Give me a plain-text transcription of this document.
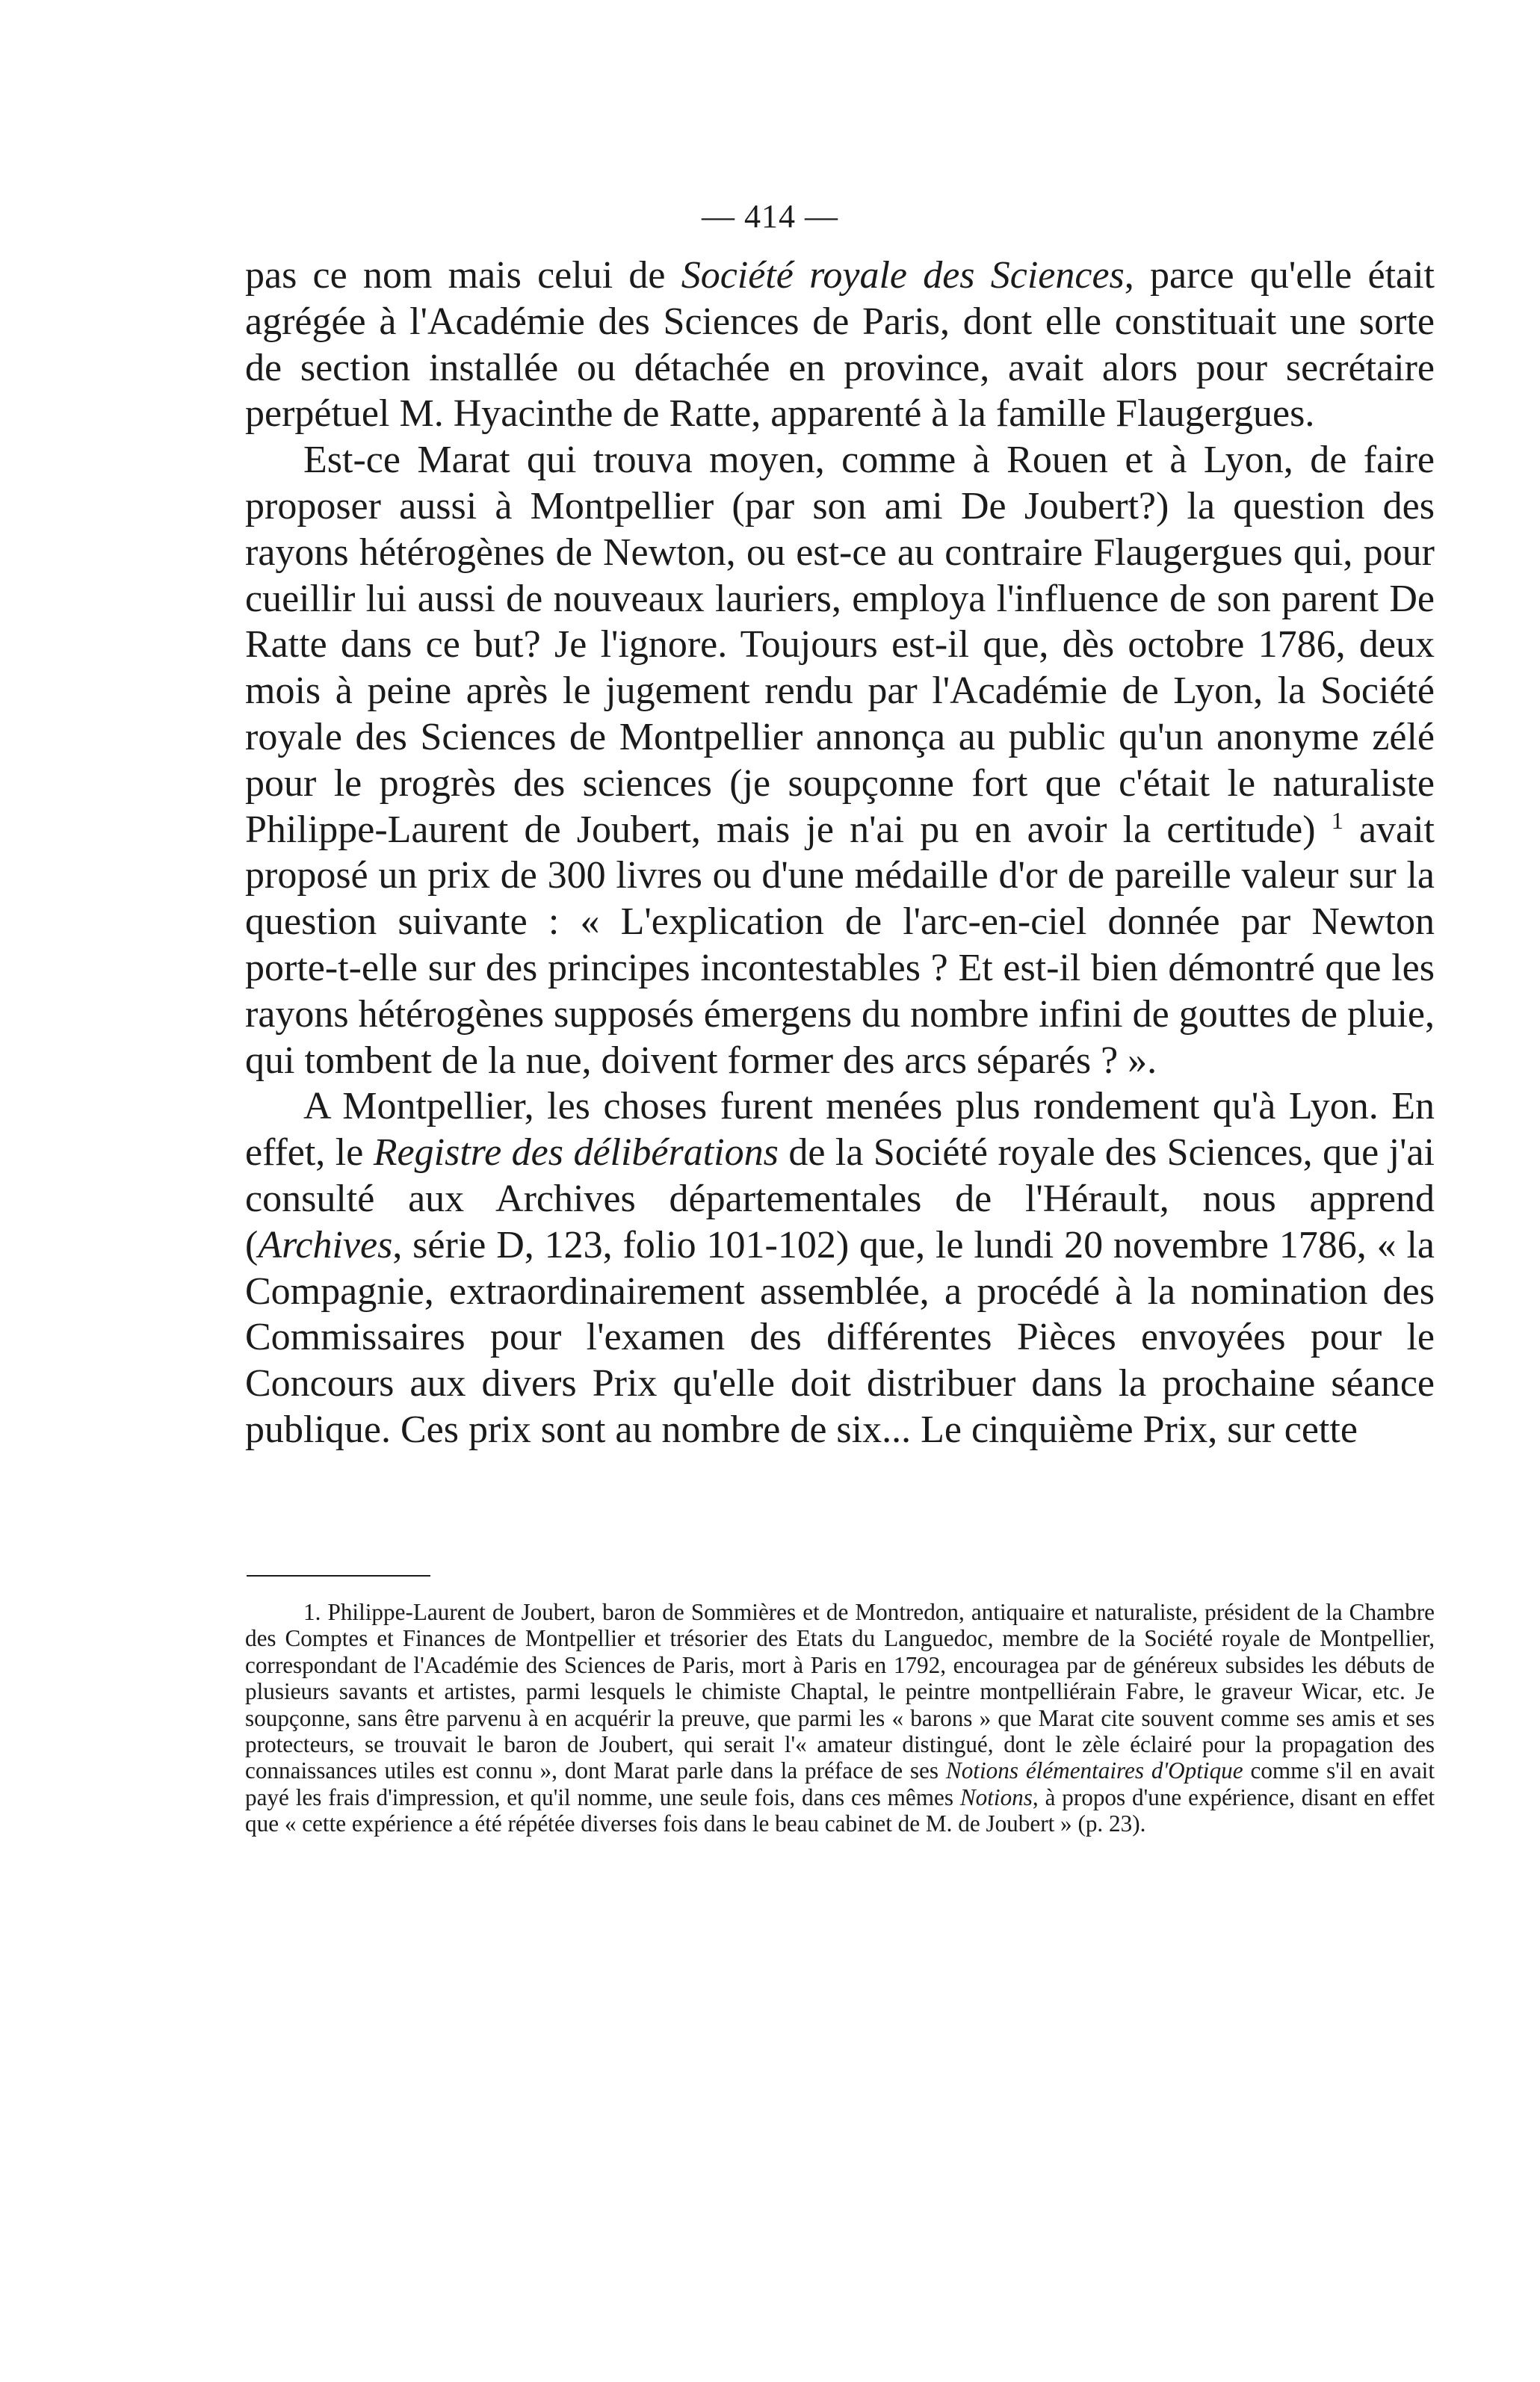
— 414 —

pas ce nom mais celui de Société royale des Sciences, parce qu'elle était agrégée à l'Académie des Sciences de Paris, dont elle constituait une sorte de section installée ou détachée en province, avait alors pour secrétaire perpétuel M. Hyacinthe de Ratte, apparenté à la famille Flaugergues.

Est-ce Marat qui trouva moyen, comme à Rouen et à Lyon, de faire proposer aussi à Montpellier (par son ami De Joubert?) la question des rayons hétérogènes de Newton, ou est-ce au contraire Flaugergues qui, pour cueillir lui aussi de nouveaux lauriers, employa l'influence de son parent De Ratte dans ce but? Je l'ignore. Toujours est-il que, dès octobre 1786, deux mois à peine après le jugement rendu par l'Académie de Lyon, la Société royale des Sciences de Montpellier annonça au public qu'un anonyme zélé pour le progrès des sciences (je soupçonne fort que c'était le naturaliste Philippe-Laurent de Joubert, mais je n'ai pu en avoir la certitude) $^1$ avait proposé un prix de 300 livres ou d'une médaille d'or de pareille valeur sur la question suivante : « L'explication de l'arc-en-ciel donnée par Newton porte-t-elle sur des principes incontestables ? Et est-il bien démontré que les rayons hétérogènes supposés émergens du nombre infini de gouttes de pluie, qui tombent de la nue, doivent former des arcs séparés ? ».

A Montpellier, les choses furent menées plus rondement qu'à Lyon. En effet, le Registre des délibérations de la Société royale des Sciences, que j'ai consulté aux Archives départementales de l'Hérault, nous apprend (Archives, série D, 123, folio 101-102) que, le lundi 20 novembre 1786, « la Compagnie, extraordinairement assemblée, a procédé à la nomination des Commissaires pour l'examen des différentes Pièces envoyées pour le Concours aux divers Prix qu'elle doit distribuer dans la prochaine séance publique. Ces prix sont au nombre de six... Le cinquième Prix, sur cette

1. Philippe-Laurent de Joubert, baron de Sommières et de Montredon, antiquaire et naturaliste, président de la Chambre des Comptes et Finances de Montpellier et trésorier des Etats du Languedoc, membre de la Société royale de Montpellier, correspondant de l'Académie des Sciences de Paris, mort à Paris en 1792, encouragea par de généreux subsides les débuts de plusieurs savants et artistes, parmi lesquels le chimiste Chaptal, le peintre montpelliérain Fabre, le graveur Wicar, etc. Je soupçonne, sans être parvenu à en acquérir la preuve, que parmi les « barons » que Marat cite souvent comme ses amis et ses protecteurs, se trouvait le baron de Joubert, qui serait l'« amateur distingué, dont le zèle éclairé pour la propagation des connaissances utiles est connu », dont Marat parle dans la préface de ses Notions élémentaires d'Optique comme s'il en avait payé les frais d'impression, et qu'il nomme, une seule fois, dans ces mêmes Notions, à propos d'une expérience, disant en effet que « cette expérience a été répétée diverses fois dans le beau cabinet de M. de Joubert » (p. 23).
